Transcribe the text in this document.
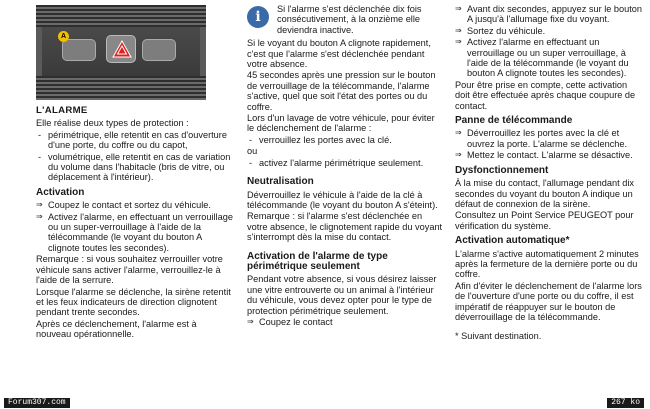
A
L'ALARME

Elle réalise deux types de protection :

- périmétrique, elle retentit en cas d'ouverture d'une porte, du coffre ou du capot,
- volumétrique, elle retentit en cas de variation du volume dans l'habitacle (bris de vitre, ou déplacement à l'intérieur).
Activation
⇒ Coupez le contact et sortez du véhicule.
⇒ Activez l'alarme, en effectuant un verrouillage ou un super-verrouillage à l'aide de la télécommande (le voyant du bouton A clignote toutes les secondes).

Remarque : si vous souhaitez verrouiller votre véhicule sans activer l'alarme, verrouillez-le à l'aide de la serrure.

Lorsque l'alarme se déclenche, la sirène retentit et les feux indicateurs de direction clignotent pendant trente secondes.

Après ce déclenchement, l'alarme est à nouveau opérationnelle.

i	Si l'alarme s'est déclenchée dix fois consécutivement, à la onzième elle deviendra inactive.

Si le voyant du bouton A clignote rapidement, c'est que l'alarme s'est déclenchée pendant votre absence.

45 secondes après une pression sur le bouton de verrouillage de la télécommande, l'alarme s'active, quel que soit l'état des portes ou du coffre.

Lors d'un lavage de votre véhicule, pour éviter le déclenchement de l'alarme :

- verrouillez les portes avec la clé.

ou

- activez l'alarme périmétrique seulement.
Neutralisation

Déverrouillez le véhicule à l'aide de la clé à télécommande (le voyant du bouton A s'éteint).

Remarque : si l'alarme s'est déclenchée en votre absence, le clignotement rapide du voyant s'interrompt dès la mise du contact.

Activation de l'alarme de type périmétrique seulement

Pendant votre absence, si vous désirez laisser une vitre entrouverte ou un animal à l'intérieur du véhicule, vous devez opter pour le type de protection périmétrique seulement.

⇒ Coupez le contact
⇒ Avant dix secondes, appuyez sur le bouton A jusqu'à l'allumage fixe du voyant.
⇒ Sortez du véhicule.
⇒ Activez l'alarme en effectuant un verrouillage ou un super verrouillage, à l'aide de la télécommande (le voyant du bouton A clignote toutes les secondes).

Pour être prise en compte, cette activation doit être effectuée après chaque coupure de contact.

Panne de télécommande
⇒ Déverrouillez les portes avec la clé et ouvrez la porte. L'alarme se déclenche.
⇒ Mettez le contact. L'alarme se désactive.
Dysfonctionnement

À la mise du contact, l'allumage pendant dix secondes du voyant du bouton A indique un défaut de connexion de la sirène.

Consultez un Point Service PEUGEOT pour vérification du système.

Activation automatique*

L'alarme s'active automatiquement 2 minutes après la fermeture de la dernière porte ou du coffre.

Afin d'éviter le déclenchement de l'alarme lors de l'ouverture d'une porte ou du coffre, il est impératif de réappuyer sur le bouton de déverrouillage de la télécommande.

* Suivant destination.

Forum307.com	267 ko
